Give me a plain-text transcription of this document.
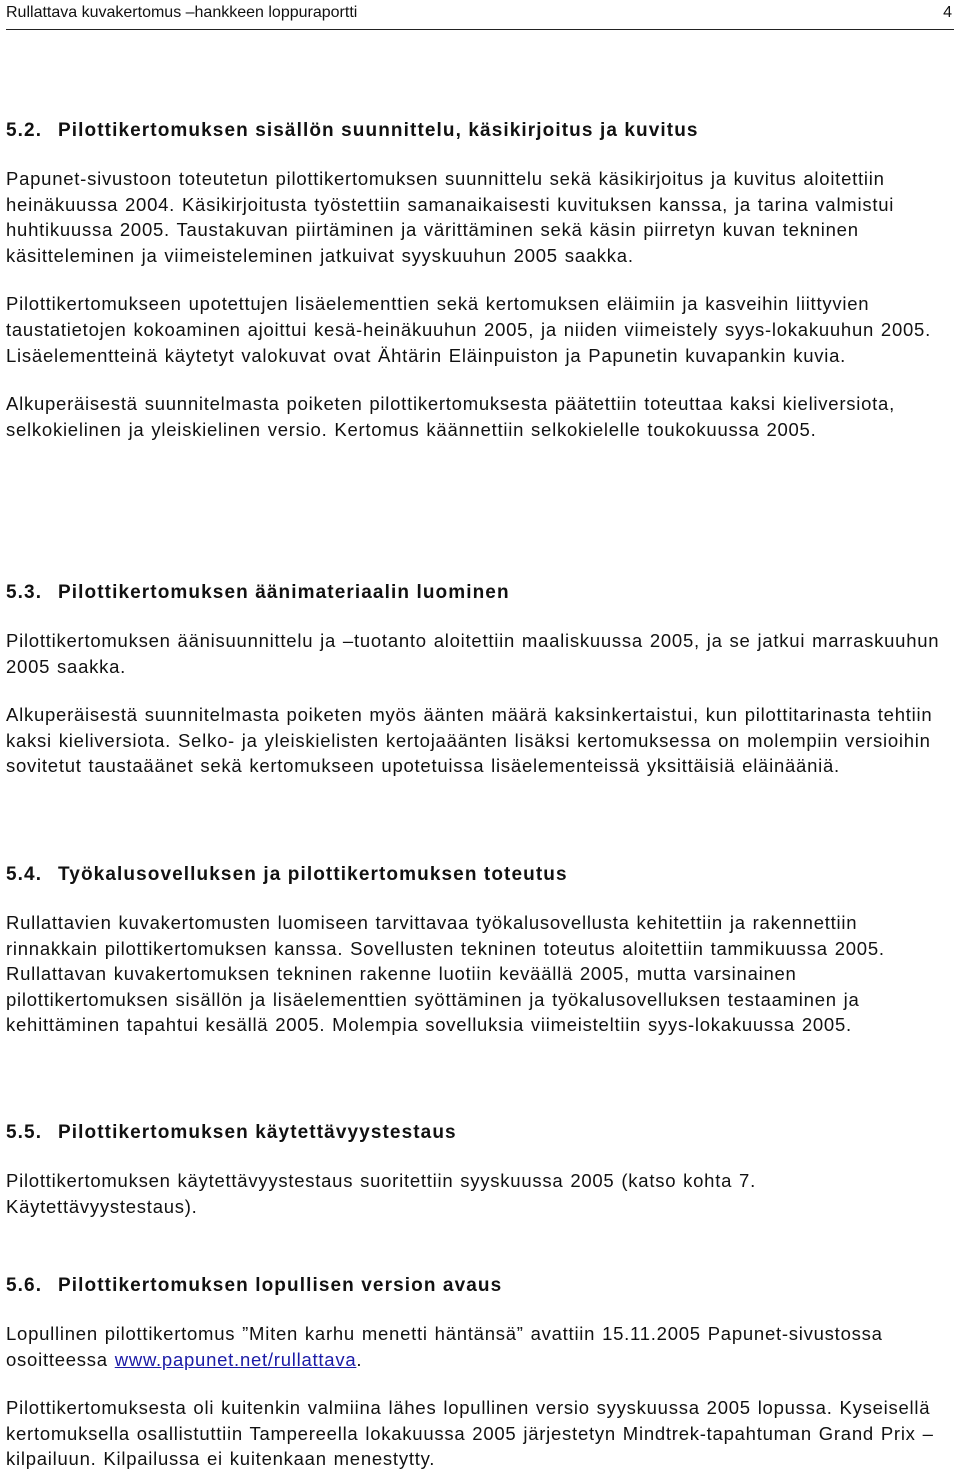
Rullattava kuvakertomus –hankkeen loppuraportti	4
5.2. Pilottikertomuksen sisällön suunnittelu, käsikirjoitus ja kuvitus

Papunet-sivustoon toteutetun pilottikertomuksen suunnittelu sekä käsikirjoitus ja kuvitus aloitettiin heinäkuussa 2004. Käsikirjoitusta työstettiin samanaikaisesti kuvituksen kanssa, ja tarina valmistui huhtikuussa 2005. Taustakuvan piirtäminen ja värittäminen sekä käsin piirretyn kuvan tekninen käsitteleminen ja viimeisteleminen jatkuivat syyskuuhun 2005 saakka.

Pilottikertomukseen upotettujen lisäelementtien sekä kertomuksen eläimiin ja kasveihin liittyvien taustatietojen kokoaminen ajoittui kesä-heinäkuuhun 2005, ja niiden viimeistely syys-lokakuuhun 2005. Lisäelementteinä käytetyt valokuvat ovat Ähtärin Eläinpuiston ja Papunetin kuvapankin kuvia.

Alkuperäisestä suunnitelmasta poiketen pilottikertomuksesta päätettiin toteuttaa kaksi kieliversiota, selkokielinen ja yleiskielinen versio. Kertomus käännettiin selkokielelle toukokuussa 2005.

5.3. Pilottikertomuksen äänimateriaalin luominen

Pilottikertomuksen äänisuunnittelu ja –tuotanto aloitettiin maaliskuussa 2005, ja se jatkui marraskuuhun 2005 saakka.

Alkuperäisestä suunnitelmasta poiketen myös äänten määrä kaksinkertaistui, kun pilottitarinasta tehtiin kaksi kieliversiota. Selko- ja yleiskielisten kertojaäänten lisäksi kertomuksessa on molempiin versioihin sovitetut taustaäänet sekä kertomukseen upotetuissa lisäelementeissä yksittäisiä eläinääniä.

5.4. Työkalusovelluksen ja pilottikertomuksen toteutus

Rullattavien kuvakertomusten luomiseen tarvittavaa työkalusovellusta kehitettiin ja rakennettiin rinnakkain pilottikertomuksen kanssa. Sovellusten tekninen toteutus aloitettiin tammikuussa 2005. Rullattavan kuvakertomuksen tekninen rakenne luotiin keväällä 2005, mutta varsinainen pilottikertomuksen sisällön ja lisäelementtien syöttäminen ja työkalusovelluksen testaaminen ja kehittäminen tapahtui kesällä 2005. Molempia sovelluksia viimeisteltiin syys-lokakuussa 2005.

5.5. Pilottikertomuksen käytettävyystestaus

Pilottikertomuksen käytettävyystestaus suoritettiin syyskuussa 2005 (katso kohta 7. Käytettävyystestaus).

5.6. Pilottikertomuksen lopullisen version avaus

Lopullinen pilottikertomus ”Miten karhu menetti häntänsä” avattiin 15.11.2005 Papunet-sivustossa osoitteessa www.papunet.net/rullattava.

Pilottikertomuksesta oli kuitenkin valmiina lähes lopullinen versio syyskuussa 2005 lopussa. Kyseisellä kertomuksella osallistuttiin Tampereella lokakuussa 2005 järjestetyn Mindtrek-tapahtuman Grand Prix –kilpailuun. Kilpailussa ei kuitenkaan menestytty.
